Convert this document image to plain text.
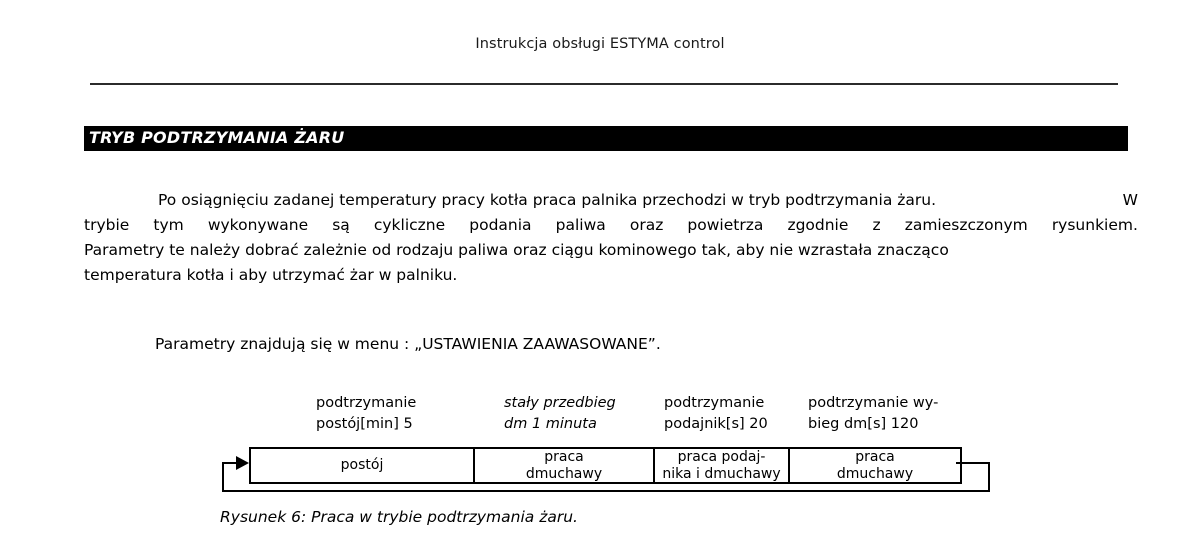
Instrukcja obsługi ESTYMA control
TRYB PODTRZYMANIA ŻARU
Po osiągnięciu zadanej temperatury pracy kotła praca palnika przechodzi w tryb podtrzymania żaru.	W
trybie tym wykonywane są cykliczne podania paliwa oraz powietrza zgodnie z zamieszczonym rysunkiem.
Parametry te należy dobrać zależnie od rodzaju paliwa oraz ciągu kominowego tak, aby nie wzrastała znacząco
temperatura kotła i aby utrzymać żar w palniku.
Parametry znajdują się w menu : „USTAWIENIA ZAAWASOWANE”.
podtrzymanie
postój[min] 5
stały przedbieg
dm 1 minuta
podtrzymanie
podajnik[s] 20
podtrzymanie wy-
bieg dm[s] 120
postój
praca
dmuchawy
praca podaj-
nika i dmuchawy
praca
dmuchawy
Rysunek 6: Praca w trybie podtrzymania żaru.
